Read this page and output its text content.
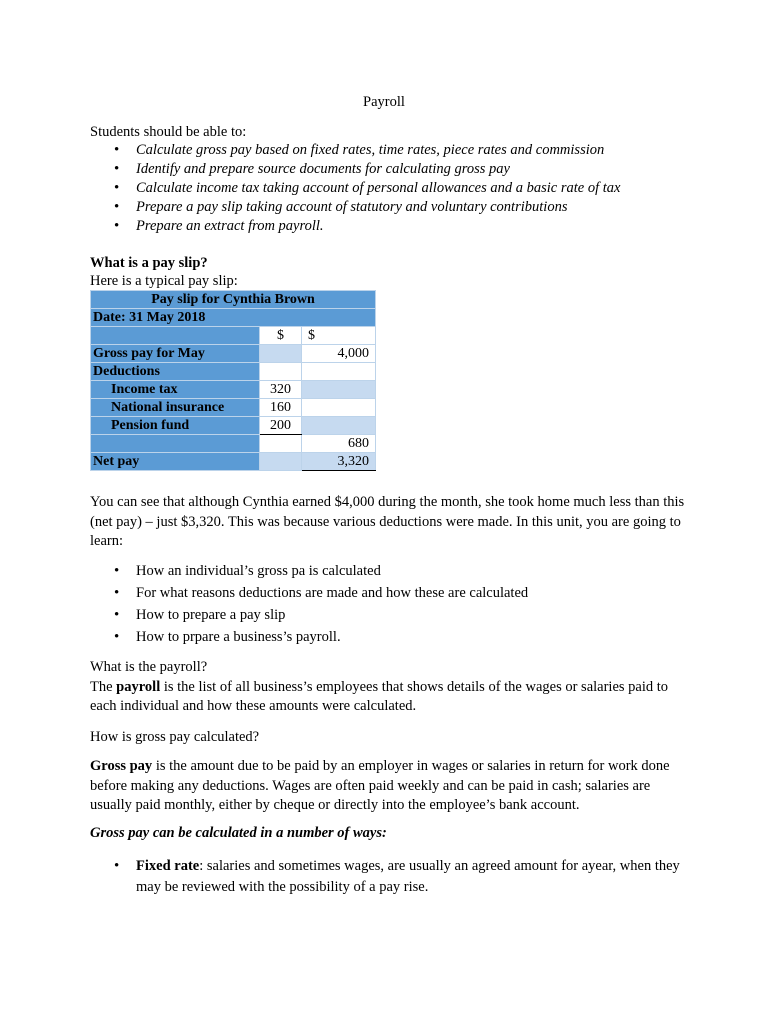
Payroll
Students should be able to:
• Calculate gross pay based on fixed rates, time rates, piece rates and commission
• Identify and prepare source documents for calculating gross pay
• Calculate income tax taking account of personal allowances and a basic rate of tax
• Prepare a pay slip taking account of statutory and voluntary contributions
• Prepare an extract from payroll.
What is a pay slip?
Here is a typical pay slip:
Pay slip for Cynthia Brown		
Date: 31 May 2018		
	$	$
Gross pay for May		4,000
Deductions		
Income tax	320	
National insurance	160	
Pension fund	200	
		680
Net pay		3,320
You can see that although Cynthia earned $4,000 during the month, she took home much less than this (net pay) – just $3,320. This was because various deductions were made. In this unit, you are going to learn:
• How an individual’s gross pa is calculated
• For what reasons deductions are made and how these are calculated
• How to prepare a pay slip
• How to prpare a business’s payroll.
What is the payroll?
The payroll is the list of all business’s employees that shows details of the wages or salaries paid to each individual and how these amounts were calculated.
How is gross pay calculated?
Gross pay is the amount due to be paid by an employer in wages or salaries in return for work done before making any deductions. Wages are often paid weekly and can be paid in cash; salaries are usually paid monthly, either by cheque or directly into the employee’s bank account.
Gross pay can be calculated in a number of ways:
• Fixed rate: salaries and sometimes wages, are usually an agreed amount for ayear, when they may be reviewed with the possibility of a pay rise.
